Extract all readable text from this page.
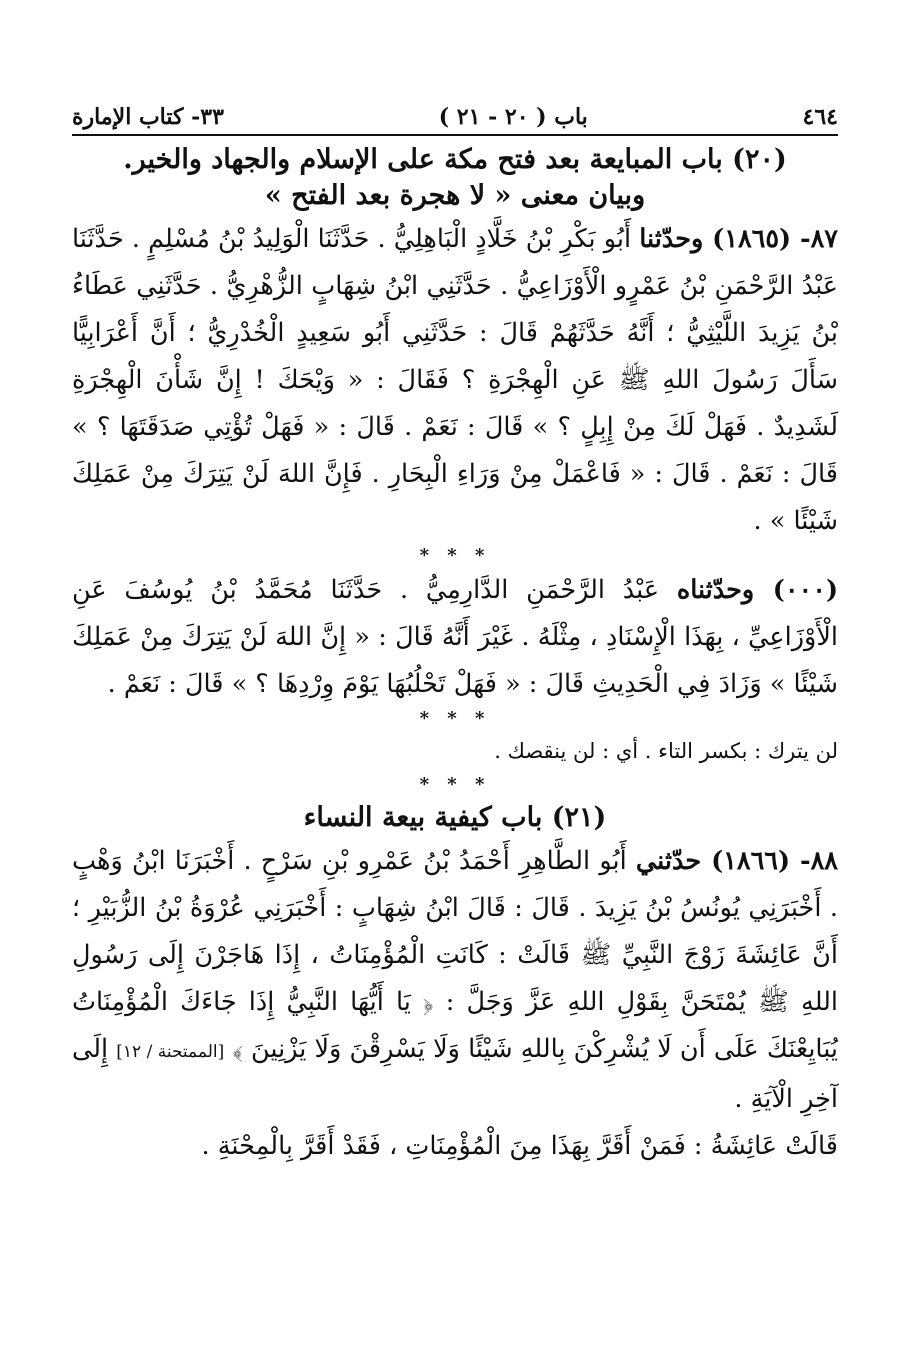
٤٦٤
باب ( ٢٠ - ٢١ )
٣٣- كتاب الإمارة
(٢٠) باب المبايعة بعد فتح مكة على الإسلام والجهاد والخير.
وبيان معنى « لا هجرة بعد الفتح »

٨٧- (١٨٦٥) وحدّثنا أَبُو بَكْرِ بْنُ خَلَّادٍ الْبَاهِلِيُّ . حَدَّثَنَا الْوَلِيدُ بْنُ مُسْلِمٍ . حَدَّثَنَا عَبْدُ الرَّحْمَنِ بْنُ عَمْرٍو الْأَوْزَاعِيُّ . حَدَّثَنِي ابْنُ شِهَابٍ الزُّهْرِيُّ . حَدَّثَنِي عَطَاءُ بْنُ يَزِيدَ اللَّيْثِيُّ ؛ أَنَّهُ حَدَّثَهُمْ قَالَ : حَدَّثَنِي أَبُو سَعِيدٍ الْخُدْرِيُّ ؛ أَنَّ أَعْرَابِيًّا سَأَلَ رَسُولَ اللهِ ﷺ عَنِ الْهِجْرَةِ ؟ فَقَالَ : « وَيْحَكَ ! إِنَّ شَأْنَ الْهِجْرَةِ لَشَدِيدٌ . فَهَلْ لَكَ مِنْ إِبِلٍ ؟ » قَالَ : نَعَمْ . قَالَ : « فَهَلْ تُؤْتِي صَدَقَتَهَا ؟ » قَالَ : نَعَمْ . قَالَ : « فَاعْمَلْ مِنْ وَرَاءِ الْبِحَارِ . فَإِنَّ اللهَ لَنْ يَتِرَكَ مِنْ عَمَلِكَ شَيْئًا » .

* * *

(٠٠٠) وحدّثناه عَبْدُ الرَّحْمَنِ الدَّارِمِيُّ . حَدَّثَنَا مُحَمَّدُ بْنُ يُوسُفَ عَنِ الْأَوْزَاعِيِّ ، بِهَذَا الْإِسْنَادِ ، مِثْلَهُ . غَيْرَ أَنَّهُ قَالَ : « إِنَّ اللهَ لَنْ يَتِرَكَ مِنْ عَمَلِكَ شَيْئًا » وَزَادَ فِي الْحَدِيثِ قَالَ : « فَهَلْ تَحْلُبُهَا يَوْمَ وِرْدِهَا ؟ » قَالَ : نَعَمْ .

* * *
لن يترك : بكسر التاء . أي : لن ينقصك .
* * *
(٢١) باب كيفية بيعة النساء

٨٨- (١٨٦٦) حدّثني أَبُو الطَّاهِرِ أَحْمَدُ بْنُ عَمْرِو بْنِ سَرْحٍ . أَخْبَرَنَا ابْنُ وَهْبٍ . أَخْبَرَنِي يُونُسُ بْنُ يَزِيدَ . قَالَ : قَالَ ابْنُ شِهَابٍ : أَخْبَرَنِي عُرْوَةُ بْنُ الزُّبَيْرِ ؛ أَنَّ عَائِشَةَ زَوْجَ النَّبِيِّ ﷺ قَالَتْ : كَانَتِ الْمُؤْمِنَاتُ ، إِذَا هَاجَرْنَ إِلَى رَسُولِ اللهِ ﷺ يُمْتَحَنَّ بِقَوْلِ اللهِ عَزَّ وَجَلَّ : ﴿ يَا أَيُّهَا النَّبِيُّ إِذَا جَاءَكَ الْمُؤْمِنَاتُ يُبَايِعْنَكَ عَلَى أَن لَا يُشْرِكْنَ بِاللهِ شَيْئًا وَلَا يَسْرِقْنَ وَلَا يَزْنِينَ ﴾ [الممتحنة / ١٢] إِلَى آخِرِ الْآيَةِ .

قَالَتْ عَائِشَةُ : فَمَنْ أَقَرَّ بِهَذَا مِنَ الْمُؤْمِنَاتِ ، فَقَدْ أَقَرَّ بِالْمِحْنَةِ .
